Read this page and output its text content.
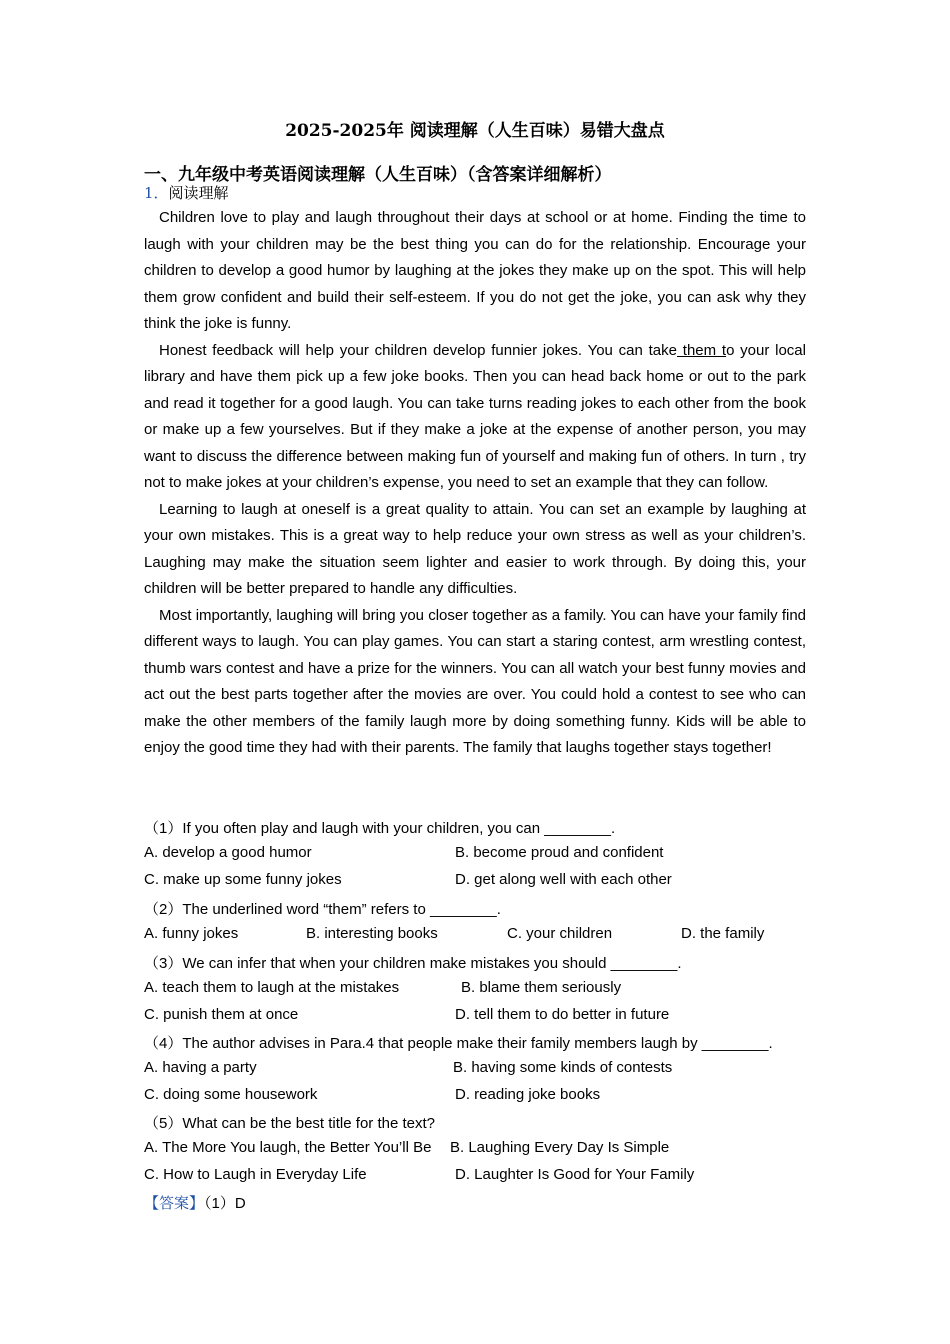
2025-2025年 阅读理解（人生百味）易错大盘点
一、九年级中考英语阅读理解（人生百味）（含答案详细解析）
1．阅读理解

Children love to play and laugh throughout their days at school or at home. Finding the time to laugh with your children may be the best thing you can do for the relationship. Encourage your children to develop a good humor by laughing at the jokes they make up on the spot. This will help them grow confident and build their self-esteem. If you do not get the joke, you can ask why they think the joke is funny.

Honest feedback will help your children develop funnier jokes. You can take them to your local library and have them pick up a few joke books. Then you can head back home or out to the park and read it together for a good laugh. You can take turns reading jokes to each other from the book or make up a few yourselves. But if they make a joke at the expense of another person, you may want to discuss the difference between making fun of yourself and making fun of others. In turn , try not to make jokes at your children’s expense, you need to set an example that they can follow.

Learning to laugh at oneself is a great quality to attain. You can set an example by laughing at your own mistakes. This is a great way to help reduce your own stress as well as your children’s. Laughing may make the situation seem lighter and easier to work through. By doing this, your children will be better prepared to handle any difficulties.

Most importantly, laughing will bring you closer together as a family. You can have your family find different ways to laugh. You can play games. You can start a staring contest, arm wrestling contest, thumb wars contest and have a prize for the winners. You can all watch your best funny movies and act out the best parts together after the movies are over. You could hold a contest to see who can make the other members of the family laugh more by doing something funny. Kids will be able to enjoy the good time they had with their parents. The family that laughs together stays together!

（1）If you often play and laugh with your children, you can ________.
A. develop a good humor	B. become proud and confident
C. make up some funny jokes	D. get along well with each other
（2）The underlined word “them” refers to ________.
A. funny jokes	B. interesting books	C. your children	D. the family
（3）We can infer that when your children make mistakes you should ________.
A. teach them to laugh at the mistakes	B. blame them seriously
C. punish them at once	D. tell them to do better in future
（4）The author advises in Para.4 that people make their family members laugh by ________.
A. having a party	B. having some kinds of contests
C. doing some housework	D. reading joke books
（5）What can be the best title for the text?
A. The More You laugh, the Better You’ll Be B. Laughing Every Day Is Simple
C. How to Laugh in Everyday Life	D. Laughter Is Good for Your Family
【答案】（1）D
